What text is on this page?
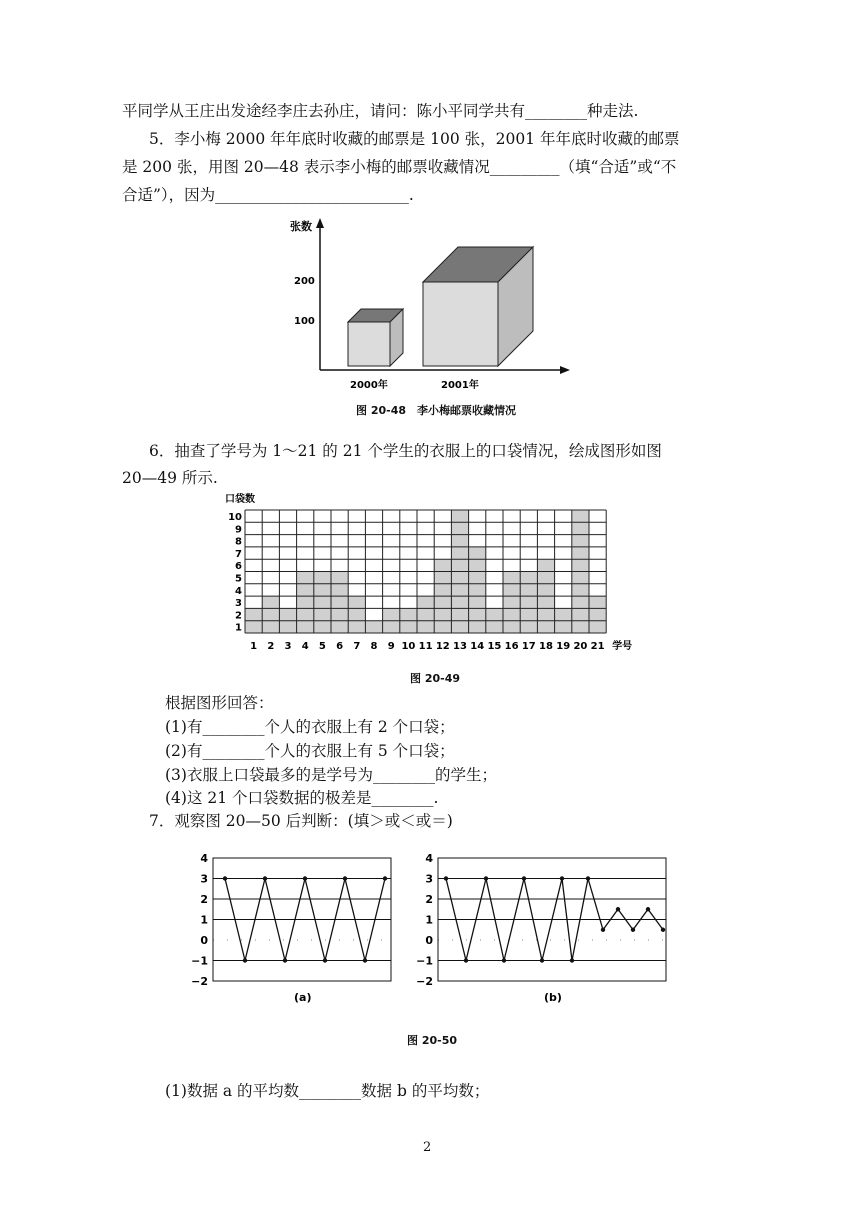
平同学从王庄出发途经李庄去孙庄，请问：陈小平同学共有________种走法.
5．李小梅 2000 年年底时收藏的邮票是 100 张，2001 年年底时收藏的邮票
是 200 张，用图 20—48 表示李小梅的邮票收藏情况_________（填“合适”或“不
合适”），因为_________________________.
张数
100
200
2000年	2001年
图 20-48　李小梅邮票收藏情况
6．抽查了学号为 1～21 的 21 个学生的衣服上的口袋情况，绘成图形如图
20—49 所示.
口袋数
1
2
3
4
5
6
7
8
9
10
1 2 3 4 5 6 7 8 9 10 11 12 13 14 15 16 17 18 19 20 21 学号
图 20-49
根据图形回答：
(1)有________个人的衣服上有 2 个口袋；
(2)有________个人的衣服上有 5 个口袋；
(3)衣服上口袋最多的是学号为________的学生；
(4)这 21 个口袋数据的极差是________.
7．观察图 20—50 后判断：(填＞或＜或＝)
4
3
2
1
0
−1
−2
(a)
4
3
2
1
0
−1
−2
(b)
图 20-50
(1)数据 a 的平均数________数据 b 的平均数；
2
